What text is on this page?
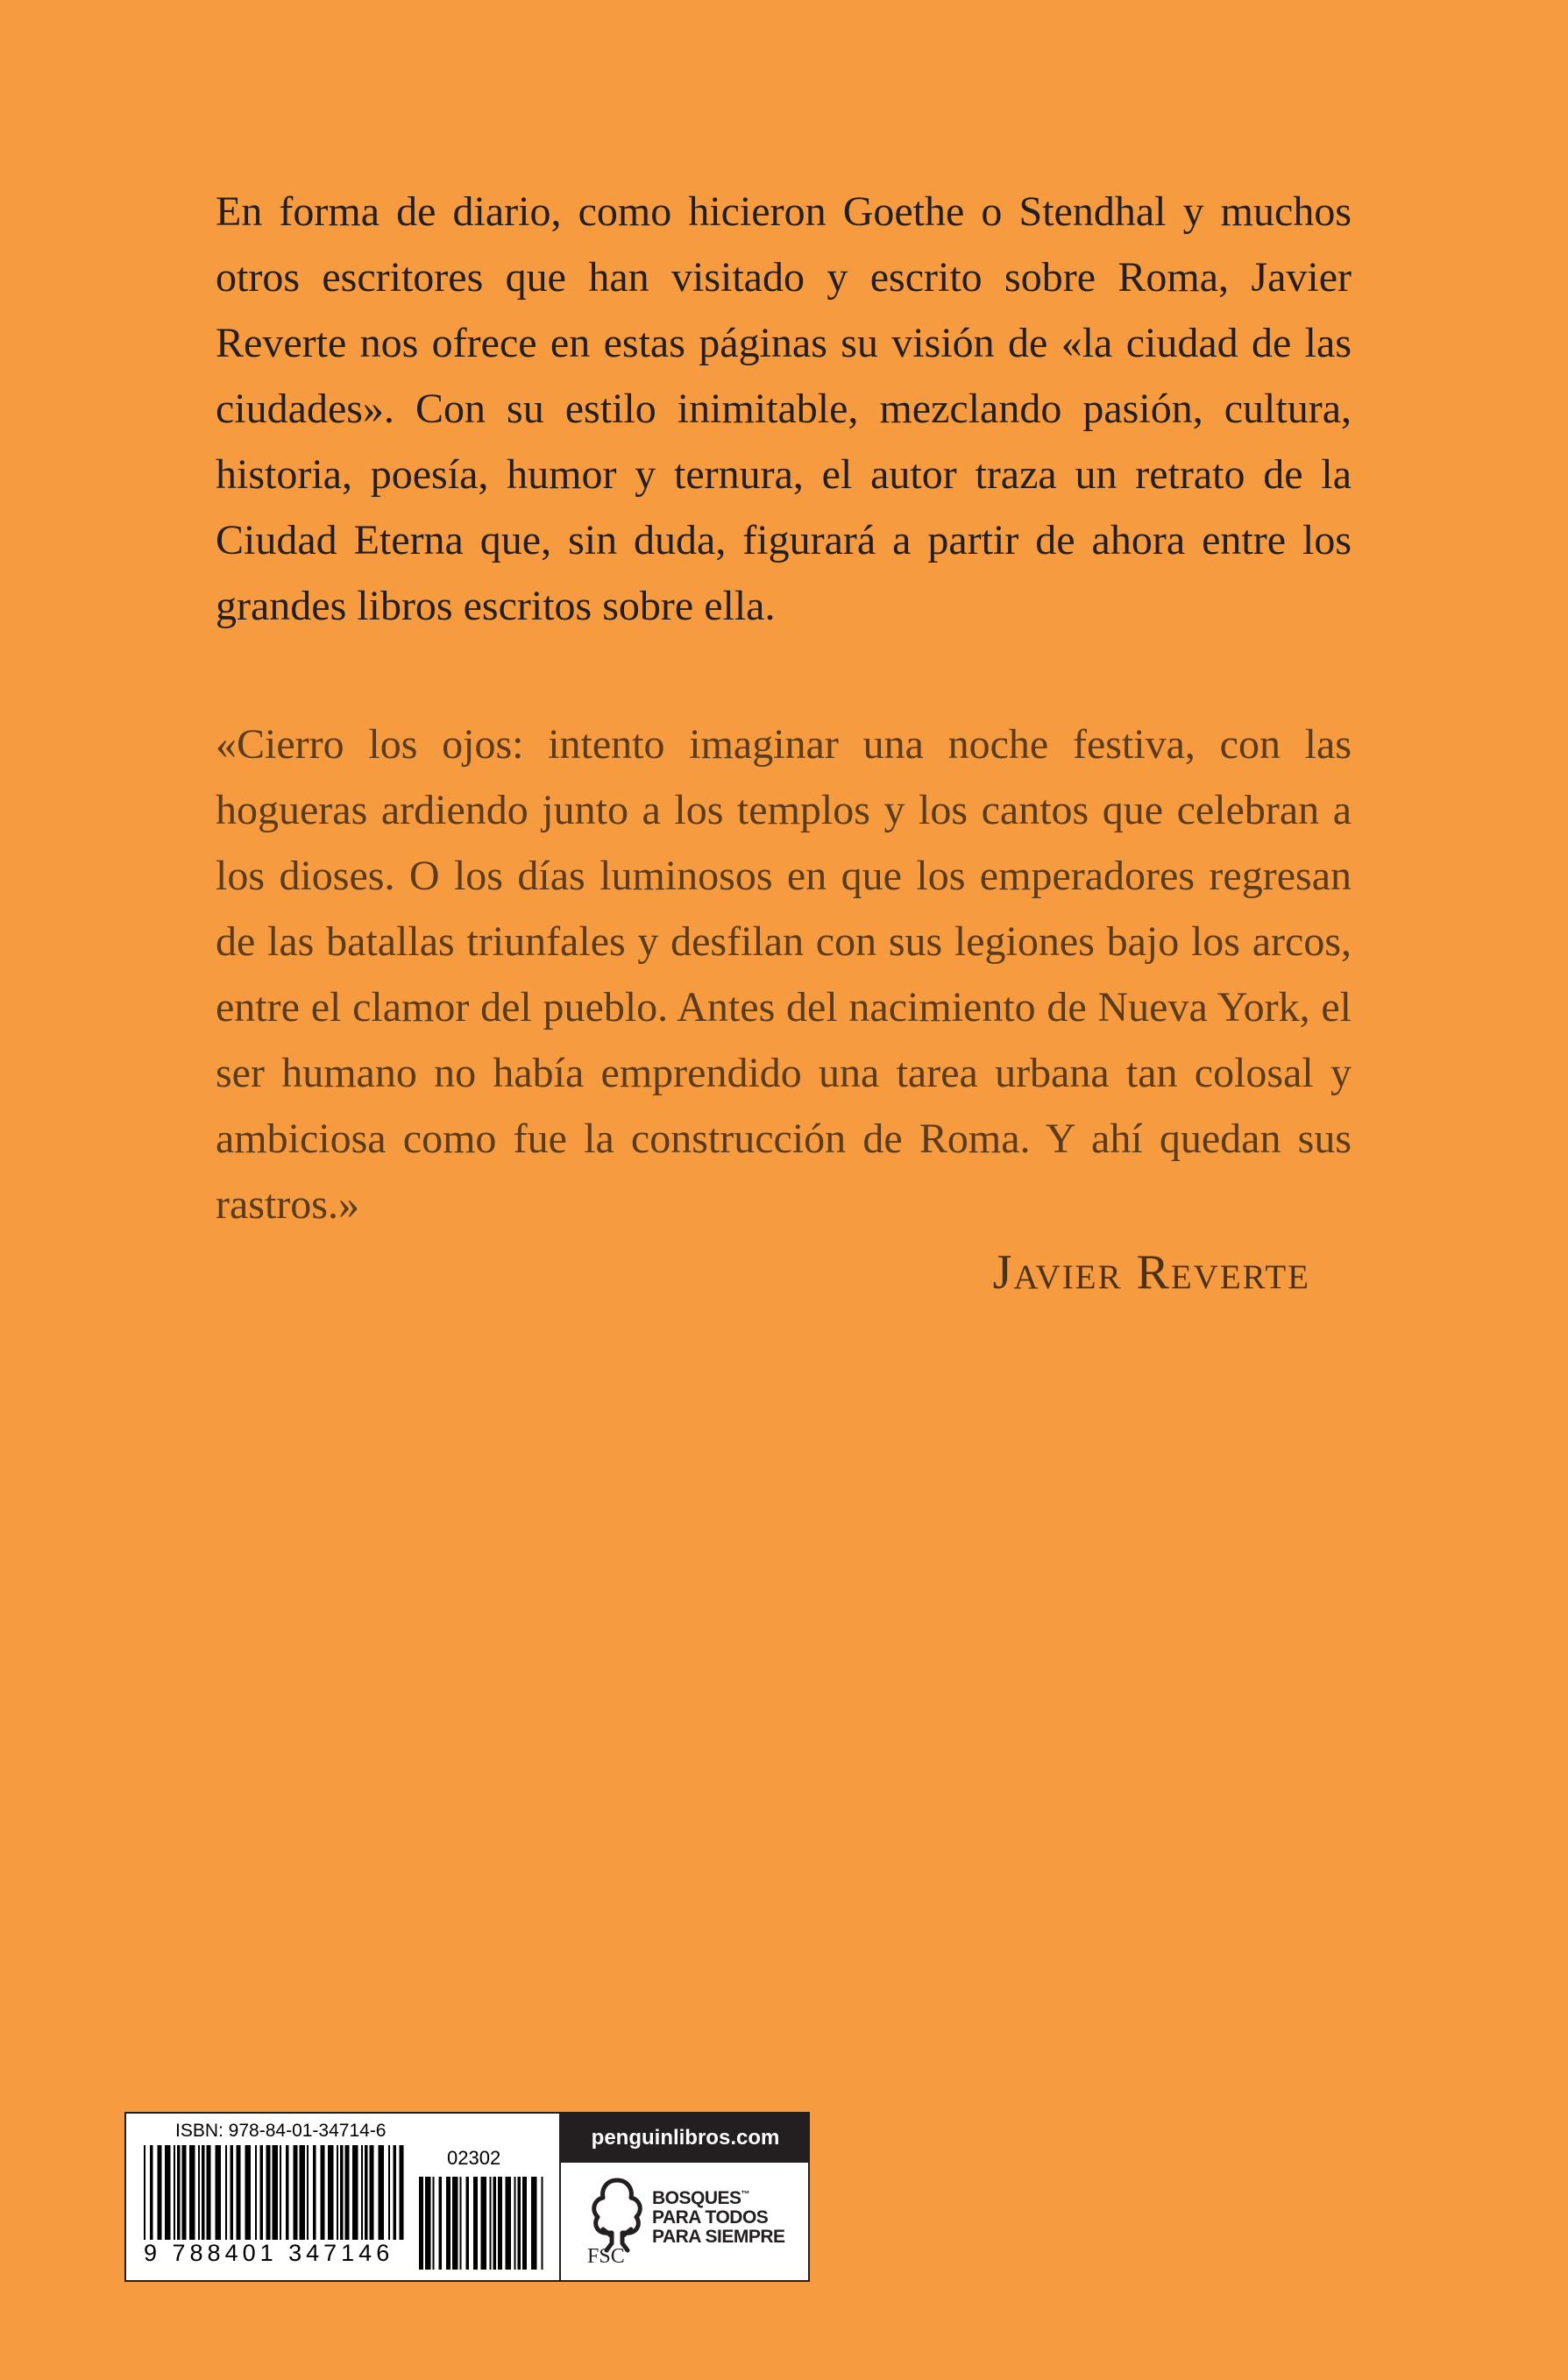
En forma de diario, como hicieron Goethe o Stendhal y muchos otros escritores que han visitado y escrito sobre Roma, Javier Reverte nos ofrece en estas páginas su visión de «la ciudad de las ciudades». Con su estilo inimitable, mezclando pasión, cultura, historia, poesía, humor y ternura, el autor traza un retrato de la Ciudad Eterna que, sin duda, figurará a partir de ahora entre los grandes libros escritos sobre ella.

«Cierro los ojos: intento imaginar una noche festiva, con las hogueras ardiendo junto a los templos y los cantos que celebran a los dioses. O los días luminosos en que los emperadores regresan de las batallas triunfales y desfilan con sus legiones bajo los arcos, entre el clamor del pueblo. Antes del nacimiento de Nueva York, el ser humano no había emprendido una tarea urbana tan colosal y ambiciosa como fue la construcción de Roma. Y ahí quedan sus rastros.»

Javier Reverte
ISBN: 978-84-01-34714-6
02302
9 788401 347146
penguinlibros.com
FSC
BOSQUES™
PARA TODOS
PARA SIEMPRE
